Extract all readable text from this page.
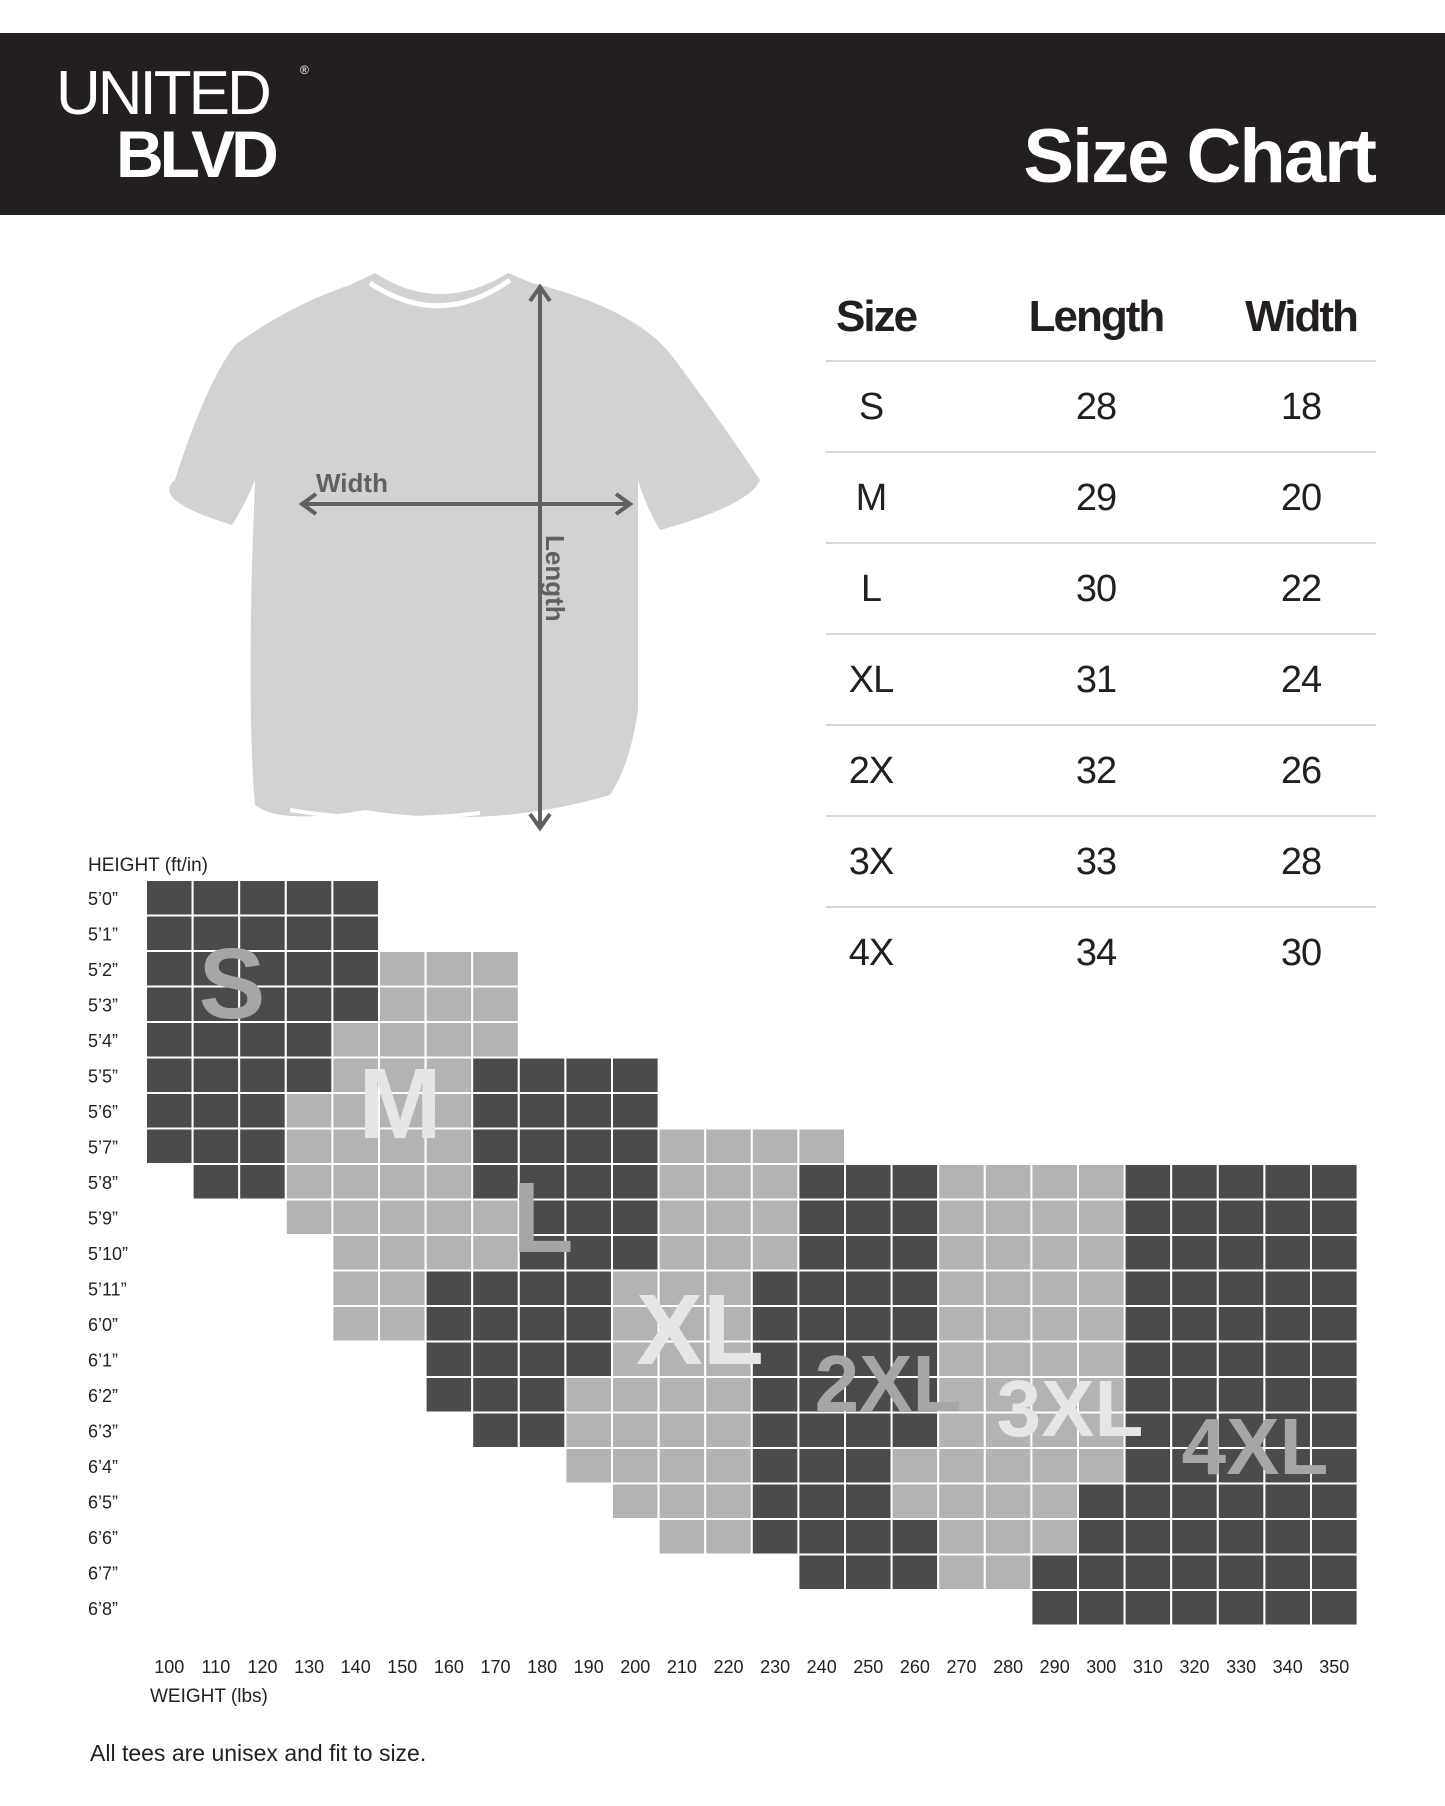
UNITED	®
BLVD	Size Chart
Width
Length
Size	Length	Width
S	28	18
M	29	20
L	30	22
XL	31	24
2X	32	26
3X	33	28
4X	34	30
S
M
L
XL 2XL 3XL 4XL
5’0”
5’1”
5’2”
5’3”
5’4”
5’5”
5’6”
5’7”
5’8”
5’9”
5’10”
5’11”
6’0”
6’1”
6’2”
6’3”
6’4”
6’5”
6’6”
6’7”
6’8”
100 110 120 130 140 150 160 170 180 190 200 210 220 230 240 250 260 270 280 290 300 310 320 330 340 350
HEIGHT (ft/in)
WEIGHT (lbs)
All tees are unisex and fit to size.
